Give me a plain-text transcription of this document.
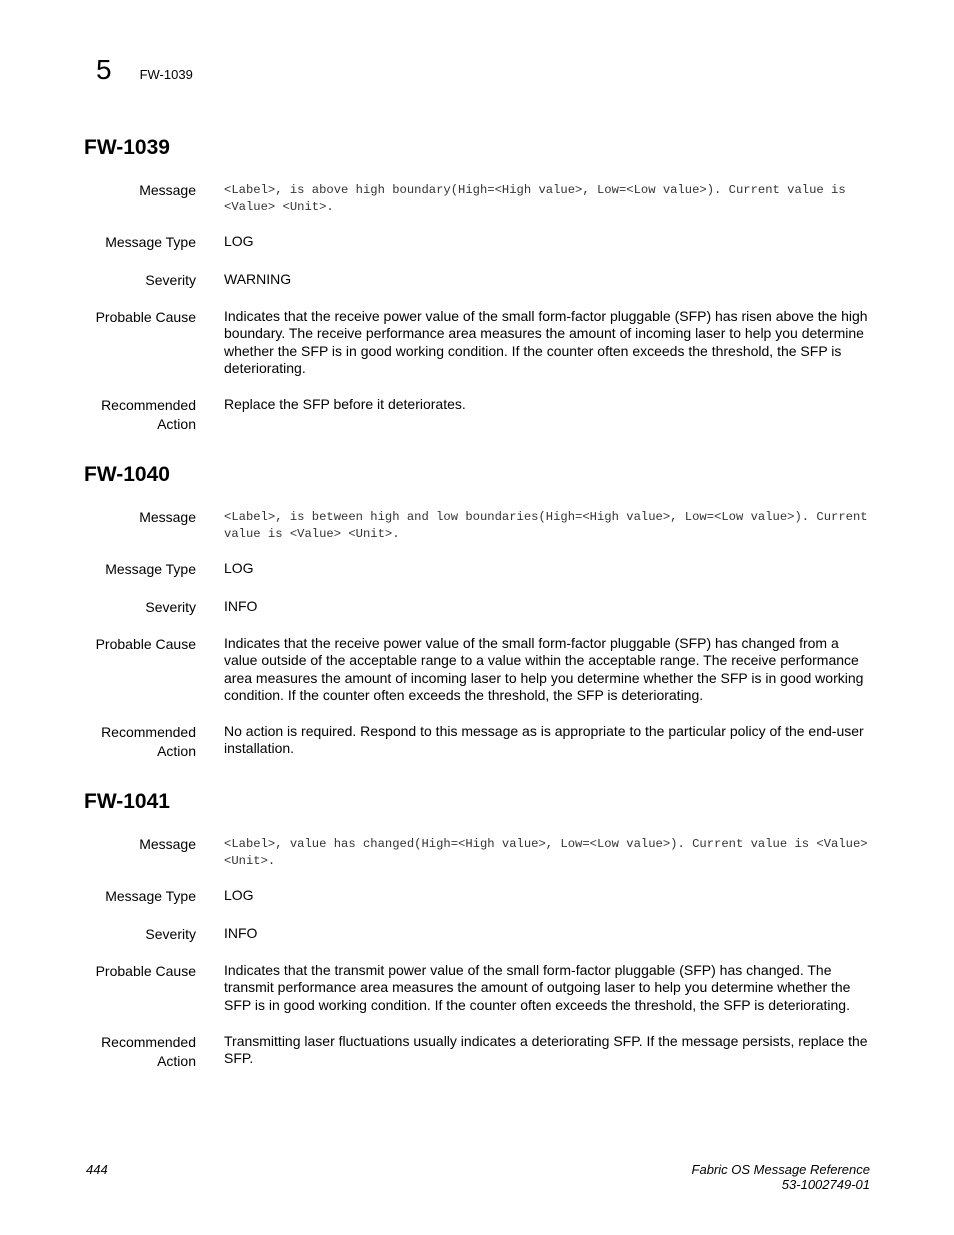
5 FW-1039
FW-1039
Message <Label>, is above high boundary(High=<High value>, Low=<Low value>). Current value is <Value> <Unit>.
Message Type LOG
Severity WARNING
Probable Cause Indicates that the receive power value of the small form-factor pluggable (SFP) has risen above the high boundary. The receive performance area measures the amount of incoming laser to help you determine whether the SFP is in good working condition. If the counter often exceeds the threshold, the SFP is deteriorating.
Recommended
Action
Replace the SFP before it deteriorates.
FW-1040
Message <Label>, is between high and low boundaries(High=<High value>, Low=<Low value>). Current value is <Value> <Unit>.
Message Type LOG
Severity INFO
Probable Cause Indicates that the receive power value of the small form-factor pluggable (SFP) has changed from a value outside of the acceptable range to a value within the acceptable range. The receive performance area measures the amount of incoming laser to help you determine whether the SFP is in good working condition. If the counter often exceeds the threshold, the SFP is deteriorating.
Recommended
Action
No action is required. Respond to this message as is appropriate to the particular policy of the end-user installation.
FW-1041
Message <Label>, value has changed(High=<High value>, Low=<Low value>). Current value is <Value> <Unit>.
Message Type LOG
Severity INFO
Probable Cause Indicates that the transmit power value of the small form-factor pluggable (SFP) has changed. The transmit performance area measures the amount of outgoing laser to help you determine whether the SFP is in good working condition. If the counter often exceeds the threshold, the SFP is deteriorating.
Recommended
Action
Transmitting laser fluctuations usually indicates a deteriorating SFP. If the message persists, replace the SFP.
444	Fabric OS Message Reference
53-1002749-01
